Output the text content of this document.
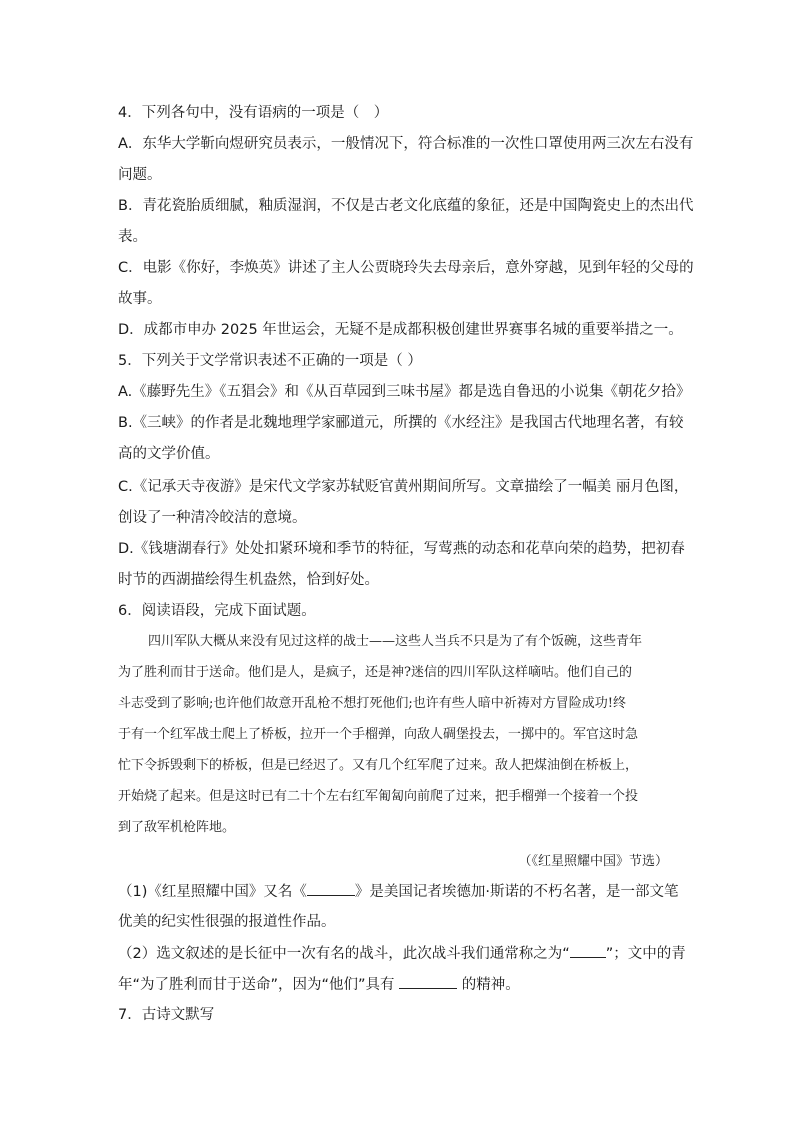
4．下列各句中，没有语病的一项是（　）
A．东华大学靳向煜研究员表示，一般情况下，符合标准的一次性口罩使用两三次左右没有
问题。
B．青花瓷胎质细腻，釉质湿润，不仅是古老文化底蕴的象征，还是中国陶瓷史上的杰出代
表。
C．电影《你好，李焕英》讲述了主人公贾晓玲失去母亲后，意外穿越，见到年轻的父母的
故事。
D．成都市申办 2025 年世运会，无疑不是成都积极创建世界赛事名城的重要举措之一。
5．下列关于文学常识表述不正确的一项是（ ）
A.《藤野先生》《五猖会》和《从百草园到三味书屋》都是选自鲁迅的小说集《朝花夕拾》
B.《三峡》的作者是北魏地理学家郦道元，所撰的《水经注》是我国古代地理名著，有较
高的文学价值。
C.《记承天寺夜游》是宋代文学家苏轼贬官黄州期间所写。文章描绘了一幅美 丽月色图，
创设了一种清冷皎洁的意境。
D.《钱塘湖春行》处处扣紧环境和季节的特征，写莺燕的动态和花草向荣的趋势，把初春
时节的西湖描绘得生机盎然，恰到好处。
6．阅读语段，完成下面试题。
四川军队大概从来没有见过这样的战士——这些人当兵不只是为了有个饭碗，这些青年
为了胜利而甘于送命。他们是人，是疯子，还是神?迷信的四川军队这样嘀咕。他们自己的
斗志受到了影响;也许他们故意开乱枪不想打死他们;也许有些人暗中祈祷对方冒险成功!终
于有一个红军战士爬上了桥板，拉开一个手榴弹，向敌人碉堡投去，一掷中的。军官这时急
忙下令拆毁剩下的桥板，但是已经迟了。又有几个红军爬了过来。敌人把煤油倒在桥板上，
开始烧了起来。但是这时已有二十个左右红军匍匐向前爬了过来，把手榴弹一个接着一个投
到了敌军机枪阵地。
（《红星照耀中国》节选）
（1)《红星照耀中国》又名《	》是美国记者埃德加·斯诺的不朽名著，是一部文笔
优美的纪实性很强的报道性作品。
（2）选文叙述的是长征中一次有名的战斗，此次战斗我们通常称之为“ ”；文中的青
年“为了胜利而甘于送命”，因为“他们”具有	的精神。
7．古诗文默写
